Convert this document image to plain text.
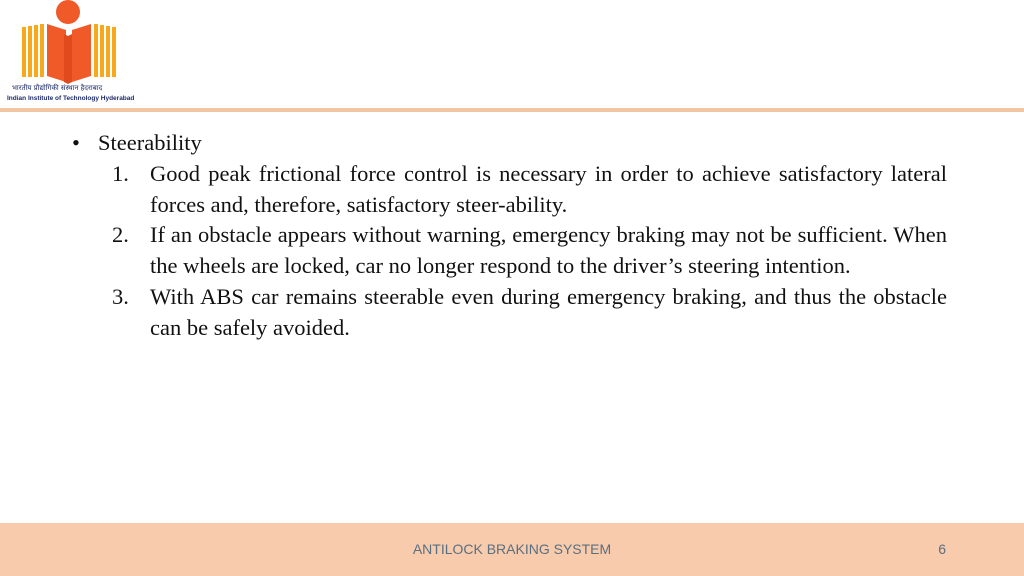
भारतीय प्रौद्योगिकी संस्थान हैदराबाद
Indian Institute of Technology Hyderabad
• Steerability
1. Good peak frictional force control is necessary in order to achieve satisfactory lateral forces and, therefore, satisfactory steer-ability.
2. If an obstacle appears without warning, emergency braking may not be sufficient. When the wheels are locked, car no longer respond to the driver’s steering intention.
3. With ABS car remains steerable even during emergency braking, and thus the obstacle can be safely avoided.
ANTILOCK BRAKING SYSTEM	6
